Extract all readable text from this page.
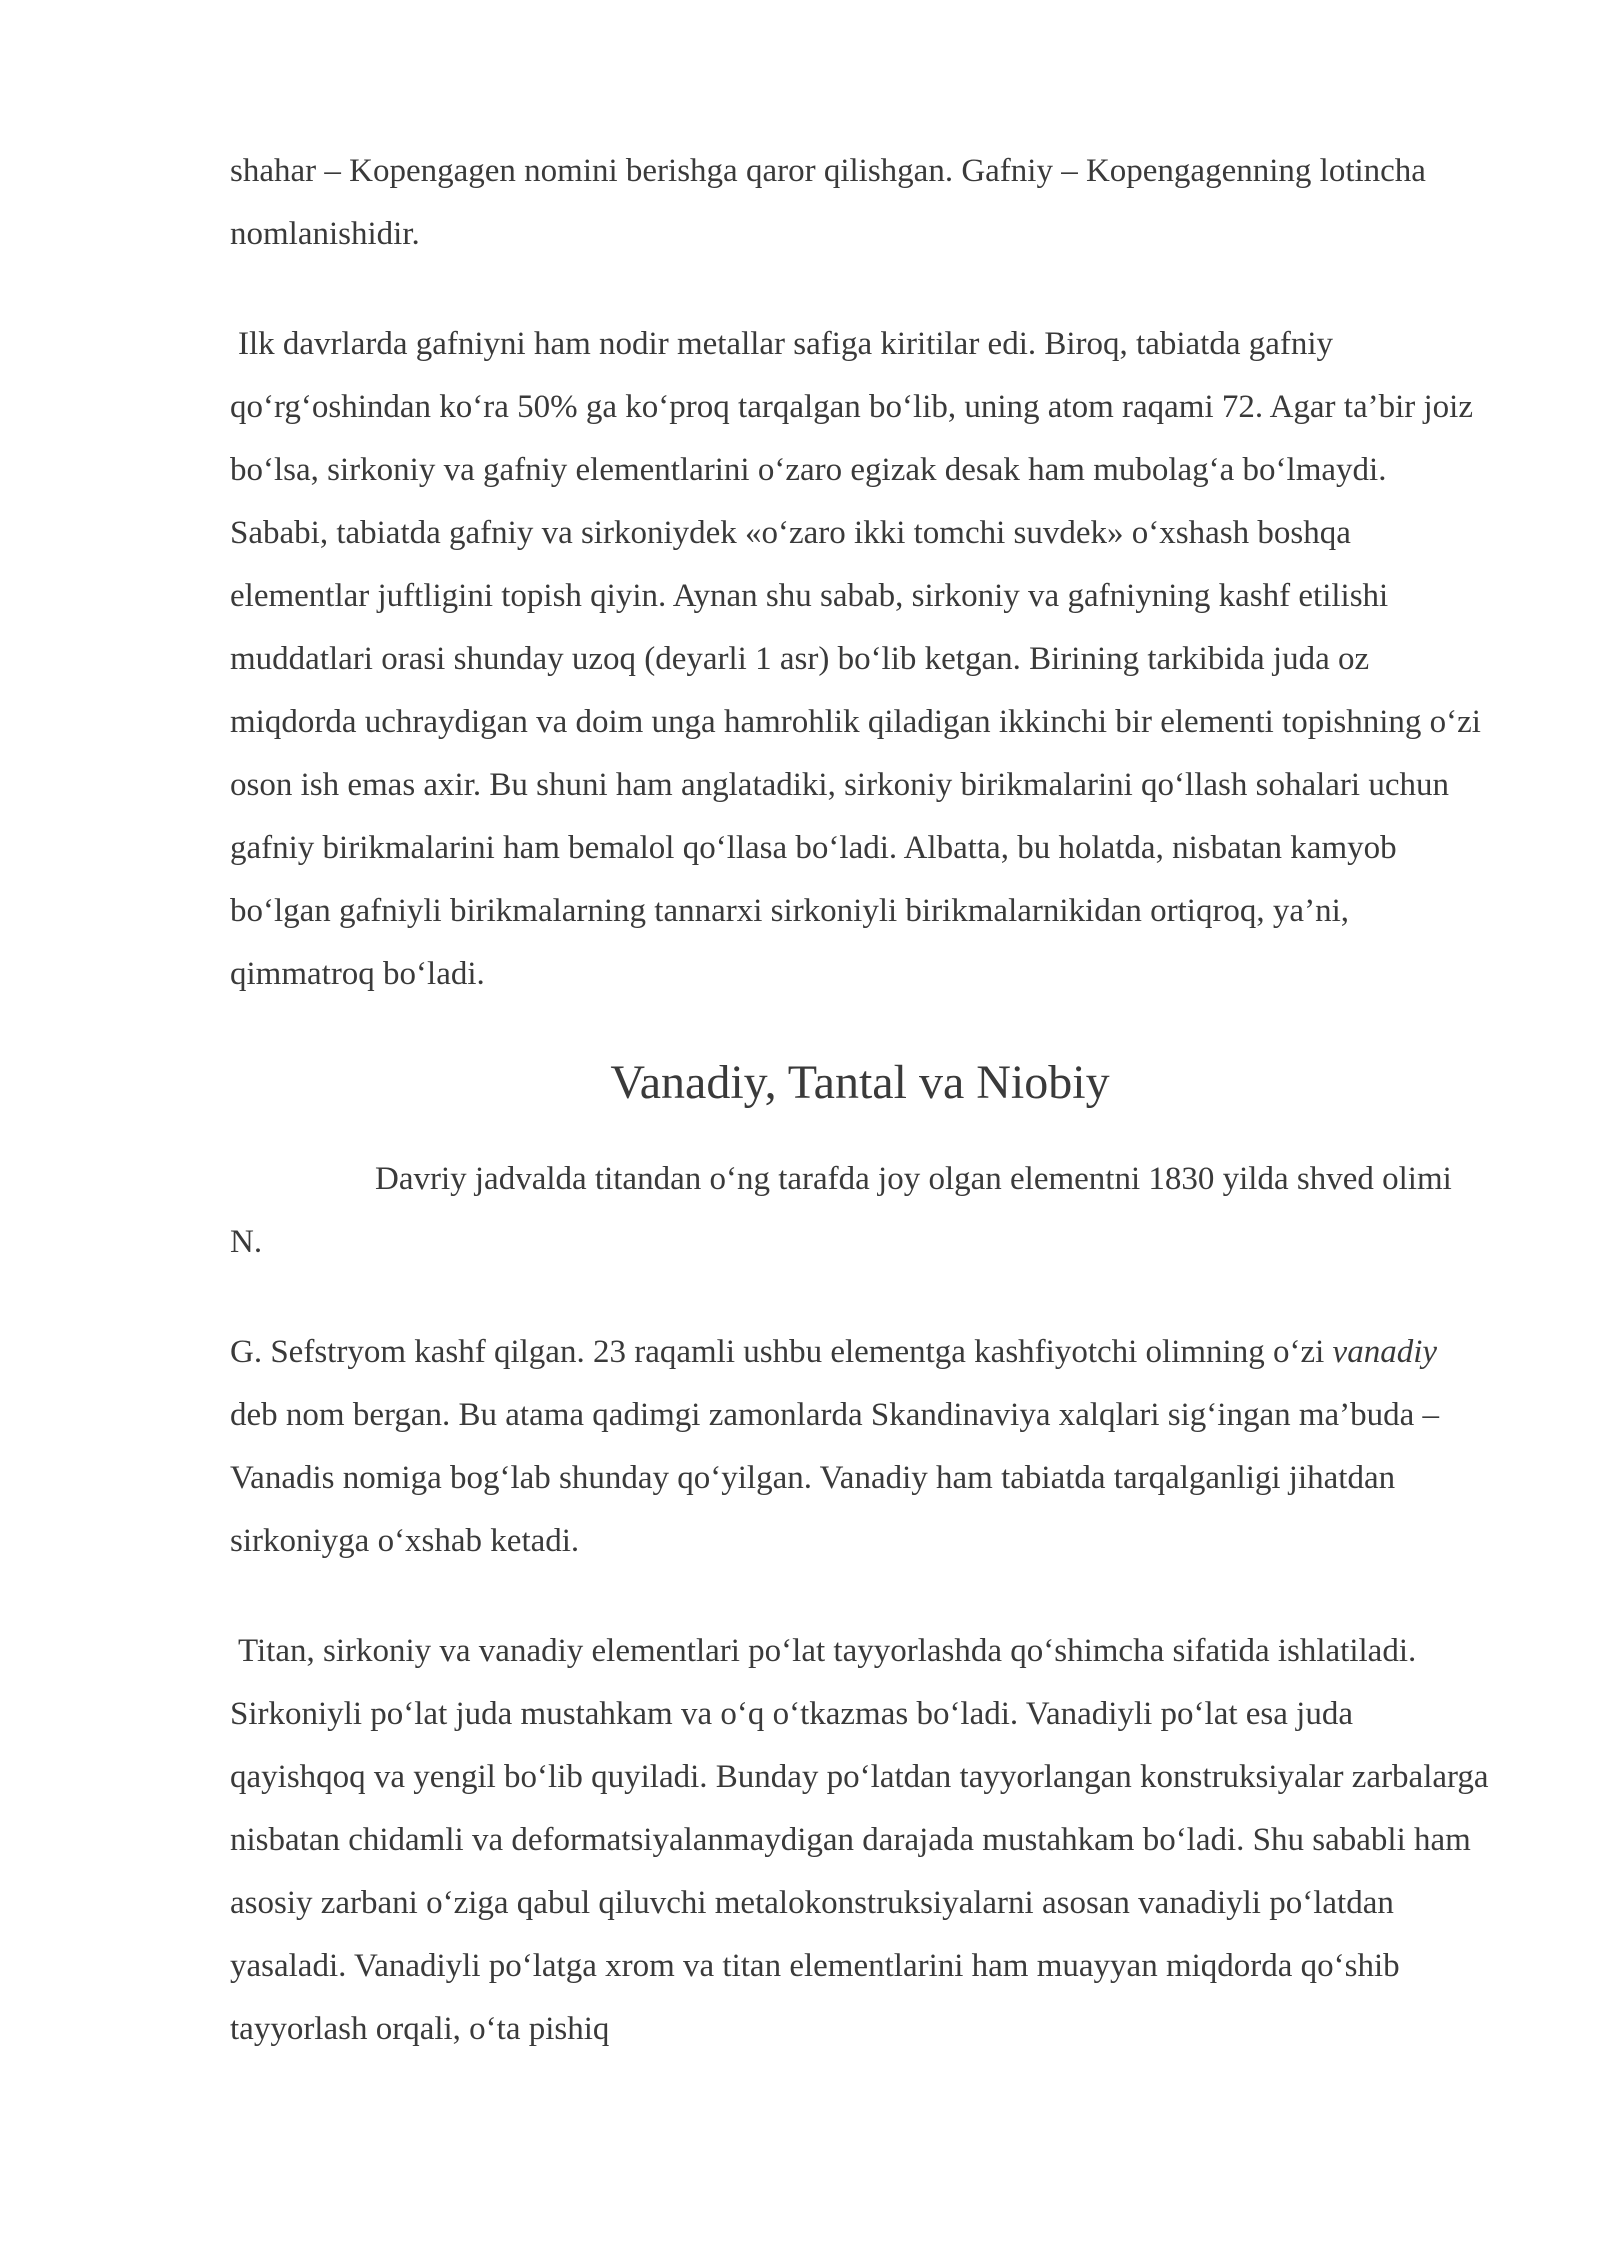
shahar – Kopengagen nomini berishga qaror qilishgan. Gafniy – Kopengagenning lotincha nomlanishidir.

Ilk davrlarda gafniyni ham nodir metallar safiga kiritilar edi. Biroq, tabiatda gafniy qo‘rg‘oshindan ko‘ra 50% ga ko‘proq tarqalgan bo‘lib, uning atom raqami 72. Agar ta’bir joiz bo‘lsa, sirkoniy va gafniy elementlarini o‘zaro egizak desak ham mubolag‘a bo‘lmaydi. Sababi, tabiatda gafniy va sirkoniydek «o‘zaro ikki tomchi suvdek» o‘xshash boshqa elementlar juftligini topish qiyin. Aynan shu sabab, sirkoniy va gafniyning kashf etilishi muddatlari orasi shunday uzoq (deyarli 1 asr) bo‘lib ketgan. Birining tarkibida juda oz miqdorda uchraydigan va doim unga hamrohlik qiladigan ikkinchi bir elementi topishning o‘zi oson ish emas axir. Bu shuni ham anglatadiki, sirkoniy birikmalarini qo‘llash sohalari uchun gafniy birikmalarini ham bemalol qo‘llasa bo‘ladi. Albatta, bu holatda, nisbatan kamyob bo‘lgan gafniyli birikmalarning tannarxi sirkoniyli birikmalarnikidan ortiqroq, ya’ni, qimmatroq bo‘ladi.

Vanadiy, Tantal va Niobiy

Davriy jadvalda titandan o‘ng tarafda joy olgan elementni 1830 yilda shved olimi N.

G. Sefstryom kashf qilgan. 23 raqamli ushbu elementga kashfiyotchi olimning o‘zi vanadiy deb nom bergan. Bu atama qadimgi zamonlarda Skandinaviya xalqlari sig‘ingan ma’buda – Vanadis nomiga bog‘lab shunday qo‘yilgan. Vanadiy ham tabiatda tarqalganligi jihatdan sirkoniyga o‘xshab ketadi.

Titan, sirkoniy va vanadiy elementlari po‘lat tayyorlashda qo‘shimcha sifatida ishlatiladi. Sirkoniyli po‘lat juda mustahkam va o‘q o‘tkazmas bo‘ladi. Vanadiyli po‘lat esa juda qayishqoq va yengil bo‘lib quyiladi. Bunday po‘latdan tayyorlangan konstruksiyalar zarbalarga nisbatan chidamli va deformatsiyalanmaydigan darajada mustahkam bo‘ladi. Shu sababli ham asosiy zarbani o‘ziga qabul qiluvchi metalokonstruksiyalarni asosan vanadiyli po‘latdan yasaladi. Vanadiyli po‘latga xrom va titan elementlarini ham muayyan miqdorda qo‘shib tayyorlash orqali, o‘ta pishiq
